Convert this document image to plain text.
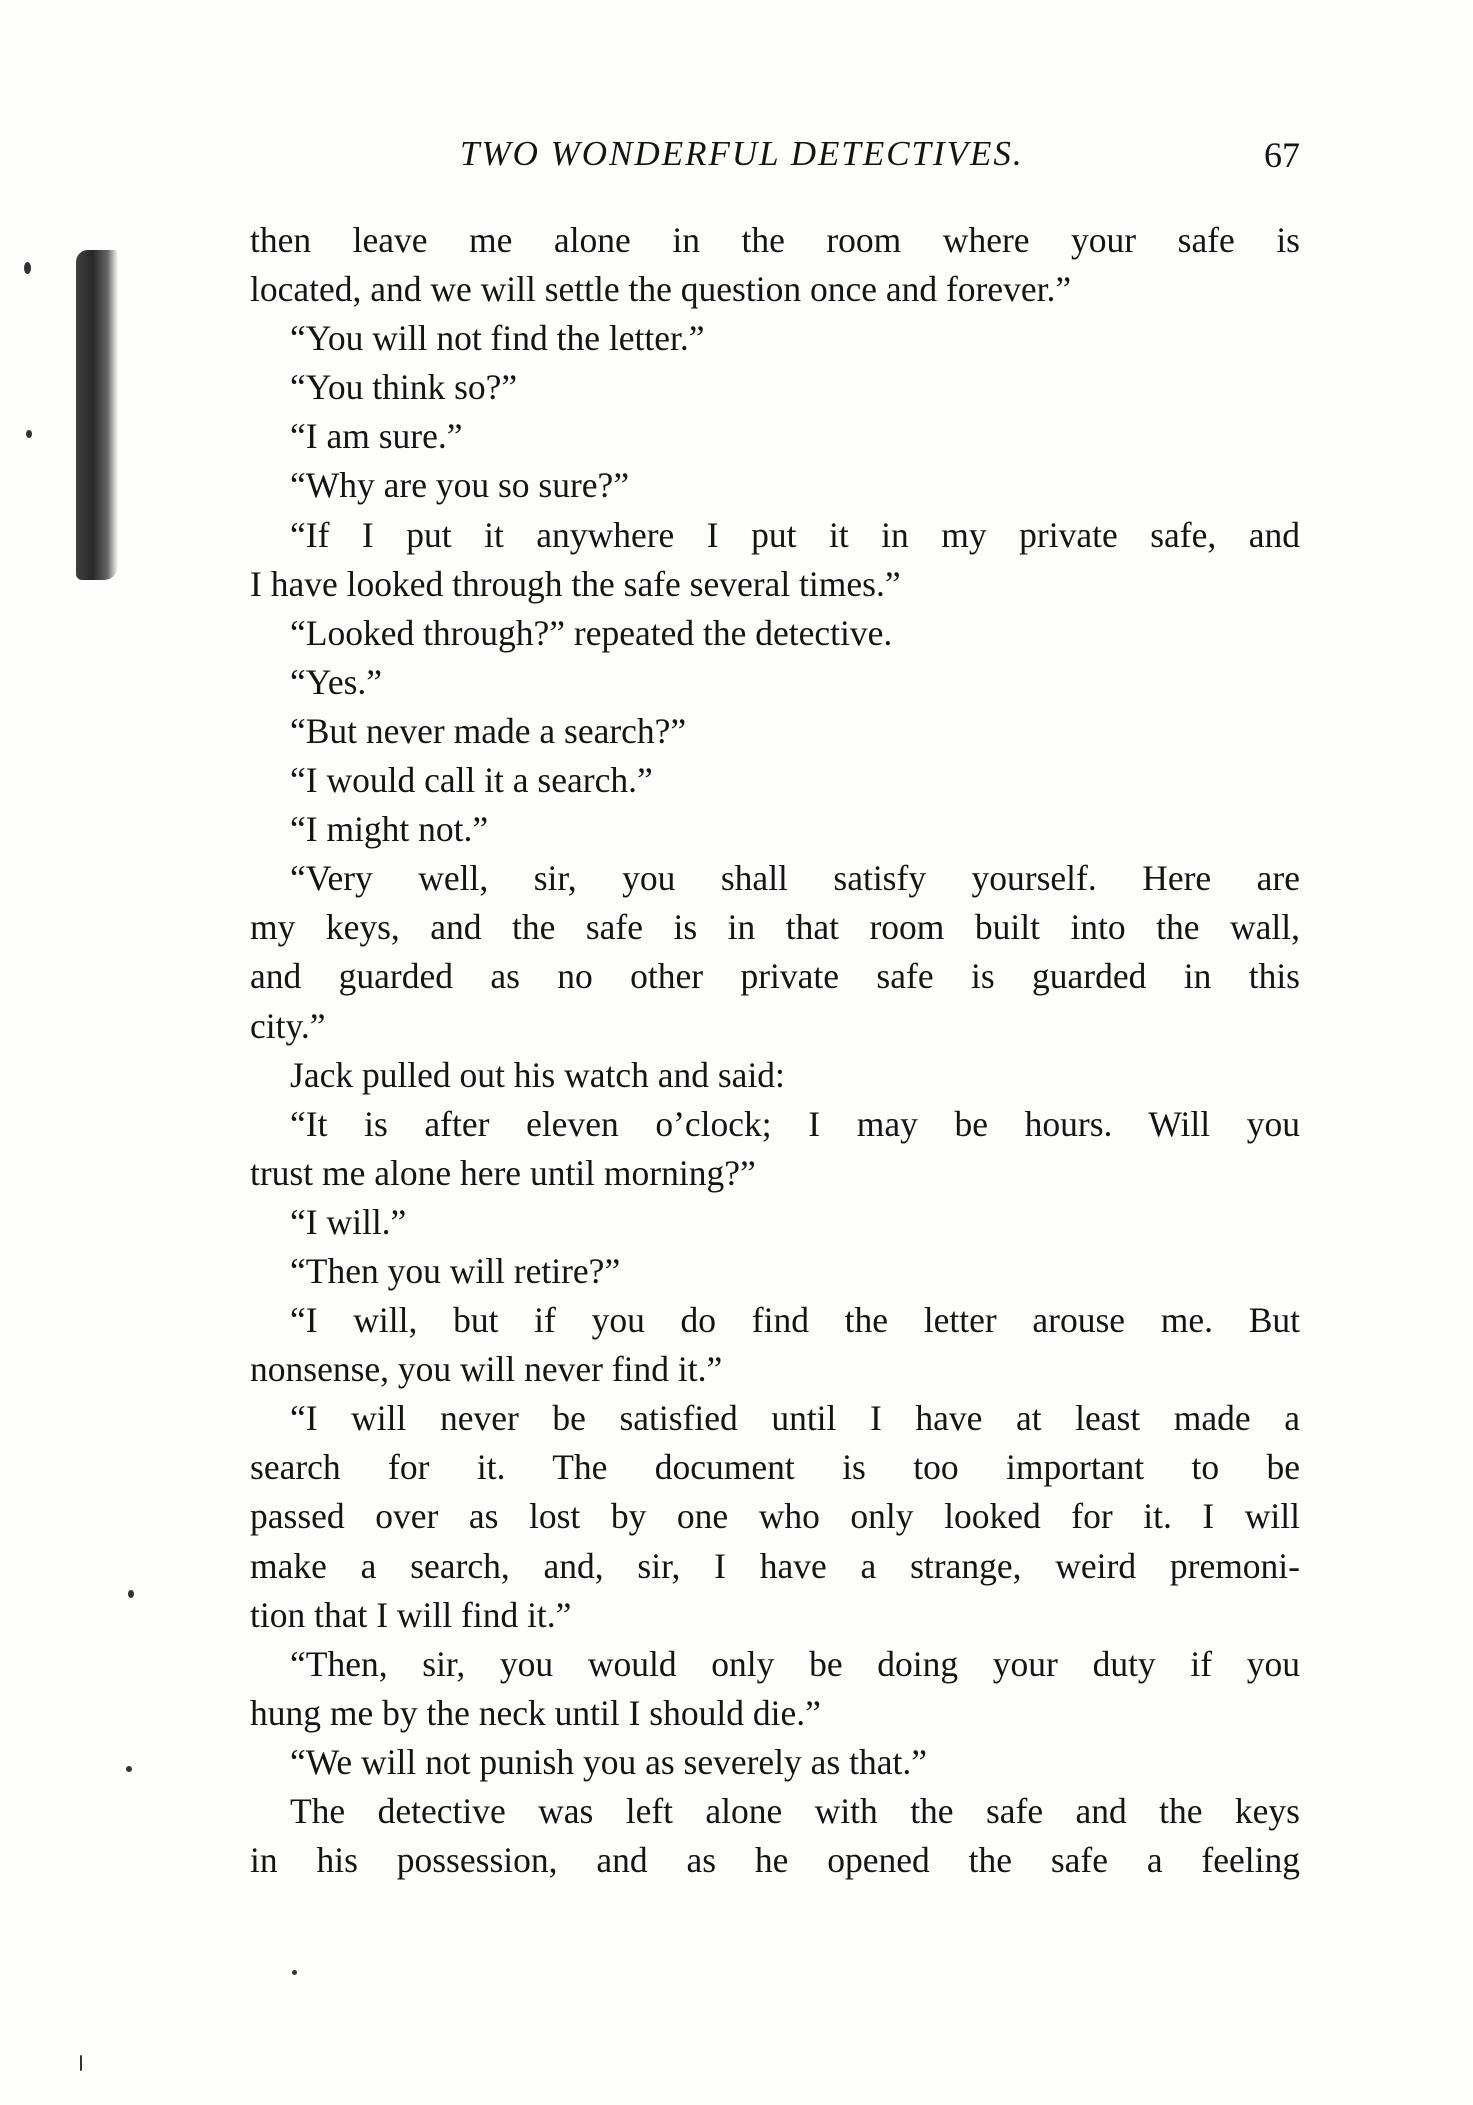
TWO WONDERFUL DETECTIVES.	67
then leave me alone in the room where your safe is
located, and we will settle the question once and forever.”
“You will not find the letter.”
“You think so?”
“I am sure.”
“Why are you so sure?”
“If I put it anywhere I put it in my private safe, and
I have looked through the safe several times.”
“Looked through?” repeated the detective.
“Yes.”
“But never made a search?”
“I would call it a search.”
“I might not.”
“Very well, sir, you shall satisfy yourself. Here are
my keys, and the safe is in that room built into the wall,
and guarded as no other private safe is guarded in this
city.”
Jack pulled out his watch and said:
“It is after eleven o’clock; I may be hours. Will you
trust me alone here until morning?”
“I will.”
“Then you will retire?”
“I will, but if you do find the letter arouse me. But
nonsense, you will never find it.”
“I will never be satisfied until I have at least made a
search for it. The document is too important to be
passed over as lost by one who only looked for it. I will
make a search, and, sir, I have a strange, weird premoni-
tion that I will find it.”
“Then, sir, you would only be doing your duty if you
hung me by the neck until I should die.”
“We will not punish you as severely as that.”
The detective was left alone with the safe and the keys
in his possession, and as he opened the safe a feeling
